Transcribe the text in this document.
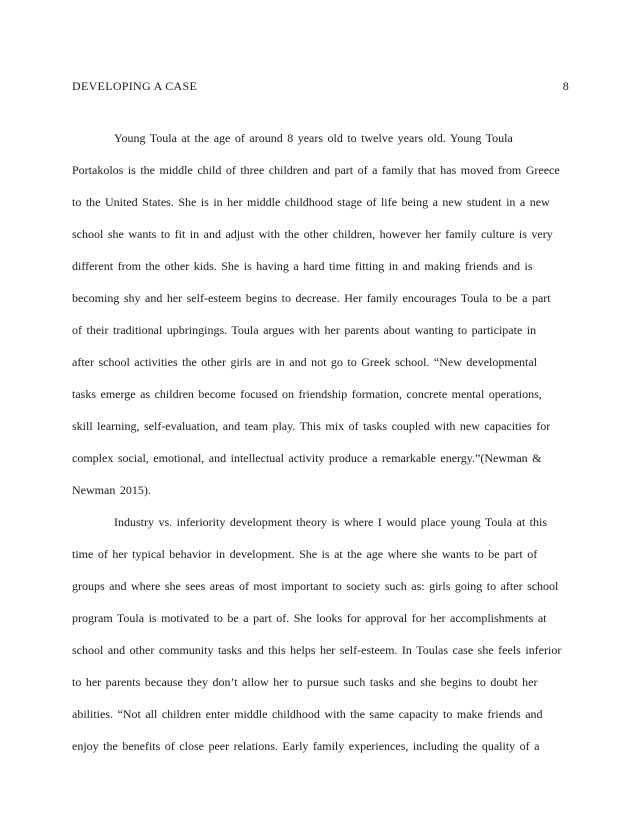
DEVELOPING A CASE	8
Young Toula at the age of around 8 years old to twelve years old. Young Toula
Portakolos is the middle child of three children and part of a family that has moved from Greece
to the United States. She is in her middle childhood stage of life being a new student in a new
school she wants to fit in and adjust with the other children, however her family culture is very
different from the other kids. She is having a hard time fitting in and making friends and is
becoming shy and her self-esteem begins to decrease. Her family encourages Toula to be a part
of their traditional upbringings. Toula argues with her parents about wanting to participate in
after school activities the other girls are in and not go to Greek school. “New developmental
tasks emerge as children become focused on friendship formation, concrete mental operations,
skill learning, self-evaluation, and team play. This mix of tasks coupled with new capacities for
complex social, emotional, and intellectual activity produce a remarkable energy.”(Newman &
Newman 2015).
Industry vs. inferiority development theory is where I would place young Toula at this
time of her typical behavior in development. She is at the age where she wants to be part of
groups and where she sees areas of most important to society such as: girls going to after school
program Toula is motivated to be a part of. She looks for approval for her accomplishments at
school and other community tasks and this helps her self-esteem. In Toulas case she feels inferior
to her parents because they don’t allow her to pursue such tasks and she begins to doubt her
abilities. “Not all children enter middle childhood with the same capacity to make friends and
enjoy the benefits of close peer relations. Early family experiences, including the quality of a
